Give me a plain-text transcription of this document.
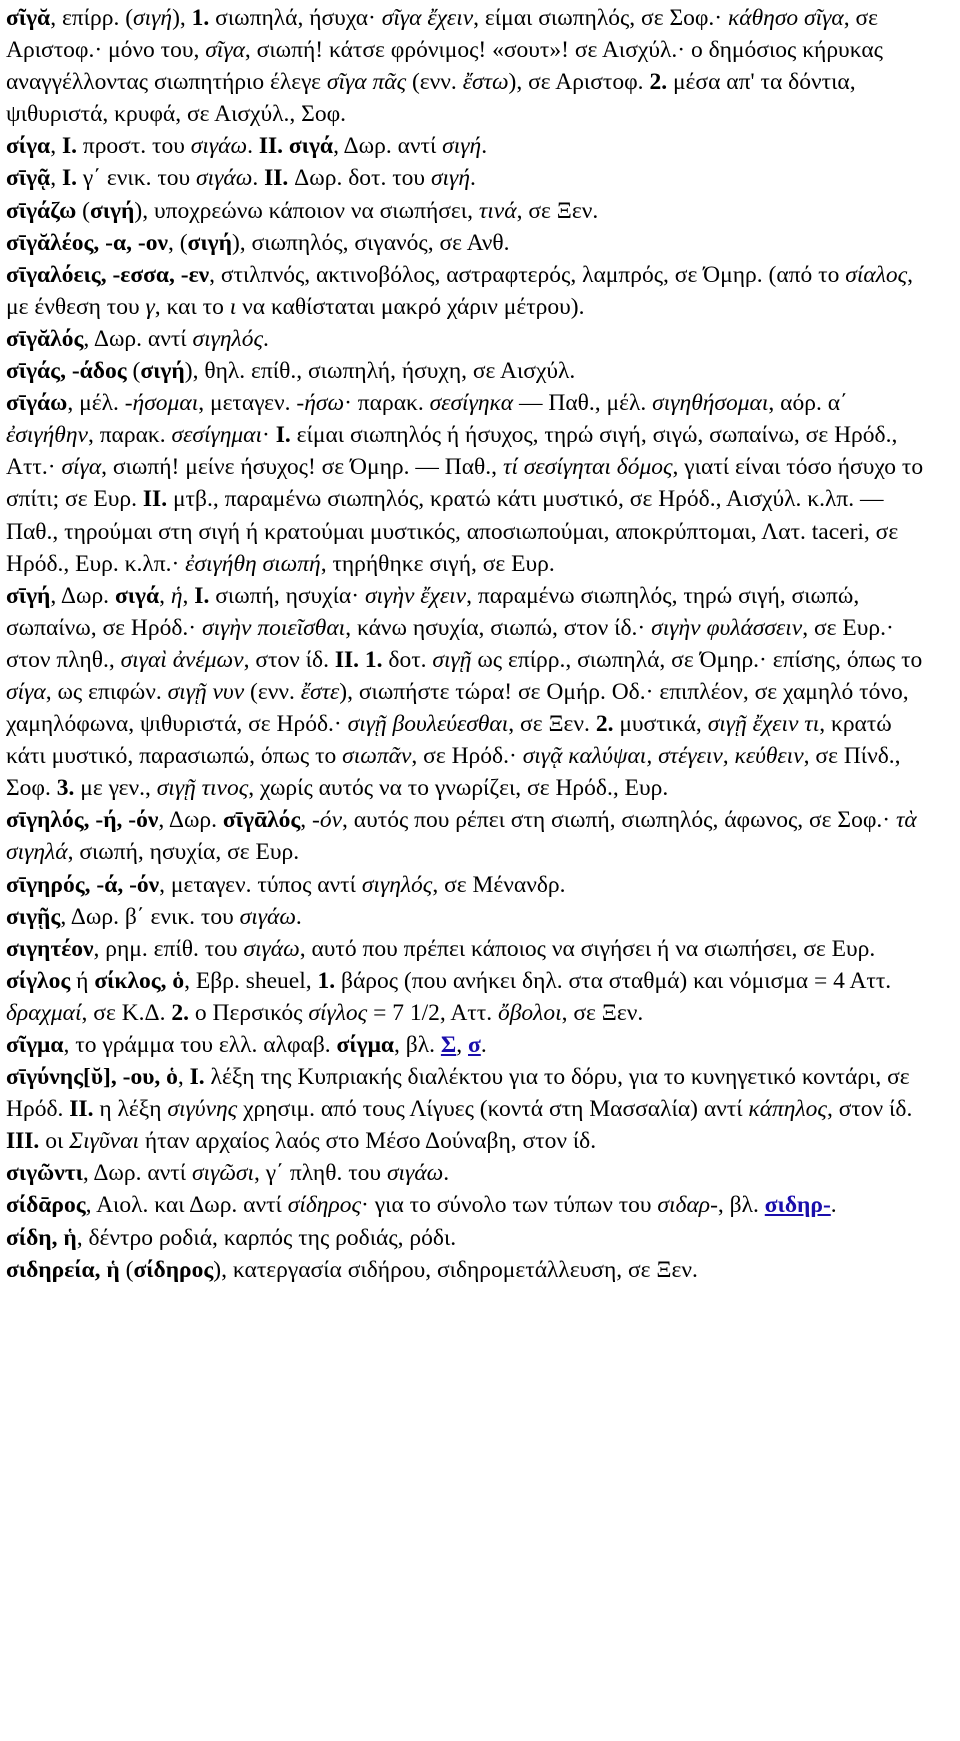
σῖγᾰ, επίρρ. (σιγή), 1. σιωπηλά, ήσυχα· σῖγα ἔχειν, είμαι σιωπηλός, σε Σοφ.· κάθησο σῖγα, σε Αριστοφ.· μόνο του, σῖγα, σιωπή! κάτσε φρόνιμος! «σουτ»! σε Αισχύλ.· ο δημόσιος κήρυκας αναγγέλλοντας σιωπητήριο έλεγε σῖγα πᾶς (ενν. ἔστω), σε Αριστοφ. 2. μέσα απ' τα δόντια, ψιθυριστά, κρυφά, σε Αισχύλ., Σοφ.

σίγα, I. προστ. του σιγάω. II. σιγά, Δωρ. αντί σιγή.

σῑγᾷ, I. γ΄ ενικ. του σιγάω. II. Δωρ. δοτ. του σιγή.

σῑγάζω (σιγή), υποχρεώνω κάποιον να σιωπήσει, τινά, σε Ξεν.

σῑγᾰλέος, -α, -ον, (σιγή), σιωπηλός, σιγανός, σε Ανθ.

σῑγαλόεις, -εσσα, -εν, στιλπνός, ακτινοβόλος, αστραφτερός, λαμπρός, σε Όμηρ. (από το σίαλος, με ένθεση του γ, και το ι να καθίσταται μακρό χάριν μέτρου).

σῑγᾰλός, Δωρ. αντί σιγηλός.

σῑγάς, -άδος (σιγή), θηλ. επίθ., σιωπηλή, ήσυχη, σε Αισχύλ.

σῑγάω, μέλ. -ήσομαι, μεταγεν. -ήσω· παρακ. σεσίγηκα — Παθ., μέλ. σιγηθήσομαι, αόρ. α΄ ἐσιγήθην, παρακ. σεσίγημαι· I. είμαι σιωπηλός ή ήσυχος, τηρώ σιγή, σιγώ, σωπαίνω, σε Ηρόδ., Αττ.· σίγα, σιωπή! μείνε ήσυχος! σε Όμηρ. — Παθ., τί σεσίγηται δόμος, γιατί είναι τόσο ήσυχο το σπίτι; σε Ευρ. II. μτβ., παραμένω σιωπηλός, κρατώ κάτι μυστικό, σε Ηρόδ., Αισχύλ. κ.λπ. — Παθ., τηρούμαι στη σιγή ή κρατούμαι μυστικός, αποσιωπούμαι, αποκρύπτομαι, Λατ. taceri, σε Ηρόδ., Ευρ. κ.λπ.· ἐσιγήθη σιωπή, τηρήθηκε σιγή, σε Ευρ.

σῑγή, Δωρ. σιγά, ἡ, I. σιωπή, ησυχία· σιγὴν ἔχειν, παραμένω σιωπηλός, τηρώ σιγή, σιωπώ, σωπαίνω, σε Ηρόδ.· σιγὴν ποιεῖσθαι, κάνω ησυχία, σιωπώ, στον ίδ.· σιγὴν φυλάσσειν, σε Ευρ.· στον πληθ., σιγαὶ ἀνέμων, στον ίδ. II. 1. δοτ. σιγῇ ως επίρρ., σιωπηλά, σε Όμηρ.· επίσης, όπως το σίγα, ως επιφών. σιγῇ νυν (ενν. ἔστε), σιωπήστε τώρα! σε Ομήρ. Οδ.· επιπλέον, σε χαμηλό τόνο, χαμηλόφωνα, ψιθυριστά, σε Ηρόδ.· σιγῇ βουλεύεσθαι, σε Ξεν. 2. μυστικά, σιγῇ ἔχειν τι, κρατώ κάτι μυστικό, παρασιωπώ, όπως το σιωπᾶν, σε Ηρόδ.· σιγᾷ καλύψαι, στέγειν, κεύθειν, σε Πίνδ., Σοφ. 3. με γεν., σιγῇ τινος, χωρίς αυτός να το γνωρίζει, σε Ηρόδ., Ευρ.

σῑγηλός, -ή, -όν, Δωρ. σῑγᾱλός, -όν, αυτός που ρέπει στη σιωπή, σιωπηλός, άφωνος, σε Σοφ.· τὰ σιγηλά, σιωπή, ησυχία, σε Ευρ.

σῑγηρός, -ά, -όν, μεταγεν. τύπος αντί σιγηλός, σε Μένανδρ.

σιγῇς, Δωρ. β΄ ενικ. του σιγάω.

σιγητέον, ρημ. επίθ. του σιγάω, αυτό που πρέπει κάποιος να σιγήσει ή να σιωπήσει, σε Ευρ.

σίγλος ή σίκλος, ὁ, Εβρ. sheuel, 1. βάρος (που ανήκει δηλ. στα σταθμά) και νόμισμα = 4 Αττ. δραχμαί, σε Κ.Δ. 2. ο Περσικός σίγλος = 7 1/2, Αττ. ὄβολοι, σε Ξεν.

σῖγμα, το γράμμα του ελλ. αλφαβ. σίγμα, βλ. Σ, σ.

σῑγύνης[ῠ], -ου, ὁ, I. λέξη της Κυπριακής διαλέκτου για το δόρυ, για το κυνηγετικό κοντάρι, σε Ηρόδ. II. η λέξη σιγύνης χρησιμ. από τους Λίγυες (κοντά στη Μασσαλία) αντί κάπηλος, στον ίδ. III. οι Σιγῦναι ήταν αρχαίος λαός στο Μέσο Δούναβη, στον ίδ.

σιγῶντι, Δωρ. αντί σιγῶσι, γ΄ πληθ. του σιγάω.

σίδᾱρος, Αιολ. και Δωρ. αντί σίδηρος· για το σύνολο των τύπων του σιδαρ-, βλ. σιδηρ-.

σίδη, ἡ, δέντρο ροδιά, καρπός της ροδιάς, ρόδι.

σιδηρεία, ἡ (σίδηρος), κατεργασία σιδήρου, σιδηρομετάλλευση, σε Ξεν.
